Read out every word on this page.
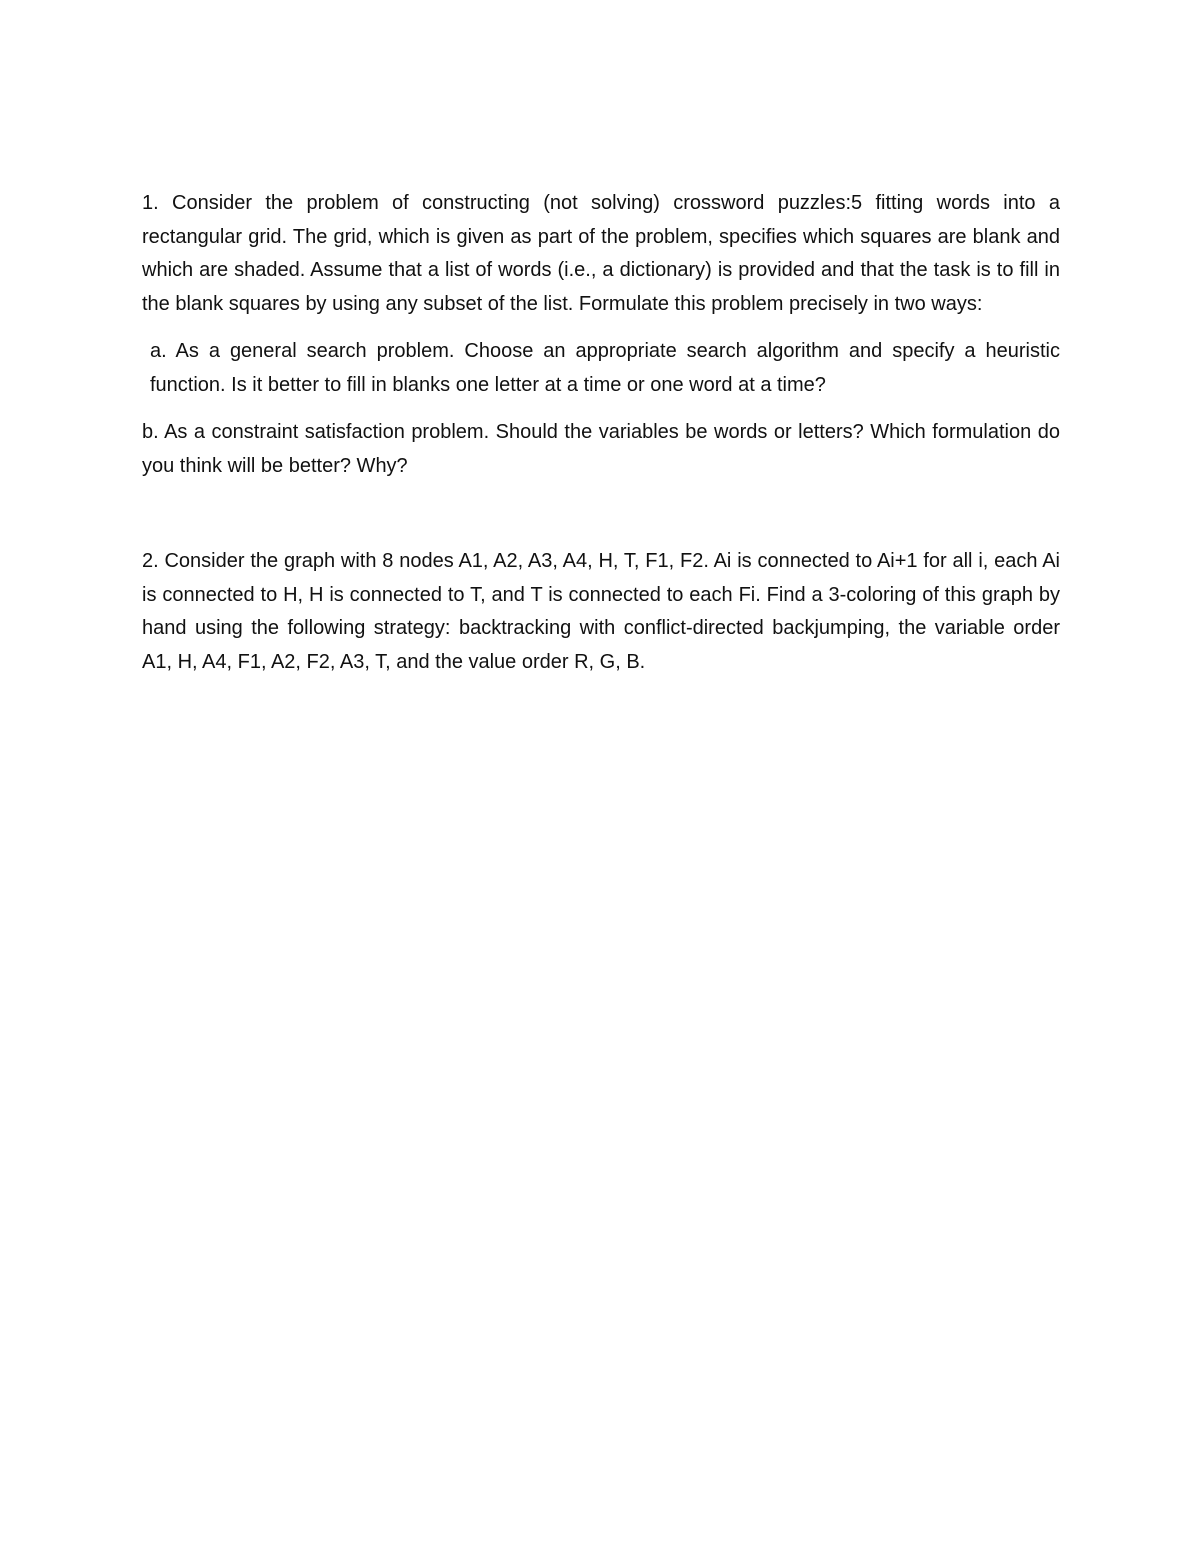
1. Consider the problem of constructing (not solving) crossword puzzles:5 fitting words into a rectangular grid. The grid, which is given as part of the problem, specifies which squares are blank and which are shaded. Assume that a list of words (i.e., a dictionary) is provided and that the task is to fill in the blank squares by using any subset of the list. Formulate this problem precisely in two ways:

a. As a general search problem. Choose an appropriate search algorithm and specify a heuristic function. Is it better to fill in blanks one letter at a time or one word at a time?

b. As a constraint satisfaction problem. Should the variables be words or letters? Which formulation do you think will be better? Why?

2. Consider the graph with 8 nodes A1, A2, A3, A4, H, T, F1, F2. Ai is connected to Ai+1 for all i, each Ai is connected to H, H is connected to T, and T is connected to each Fi. Find a 3-coloring of this graph by hand using the following strategy: backtracking with conflict-directed backjumping, the variable order A1, H, A4, F1, A2, F2, A3, T, and the value order R, G, B.
